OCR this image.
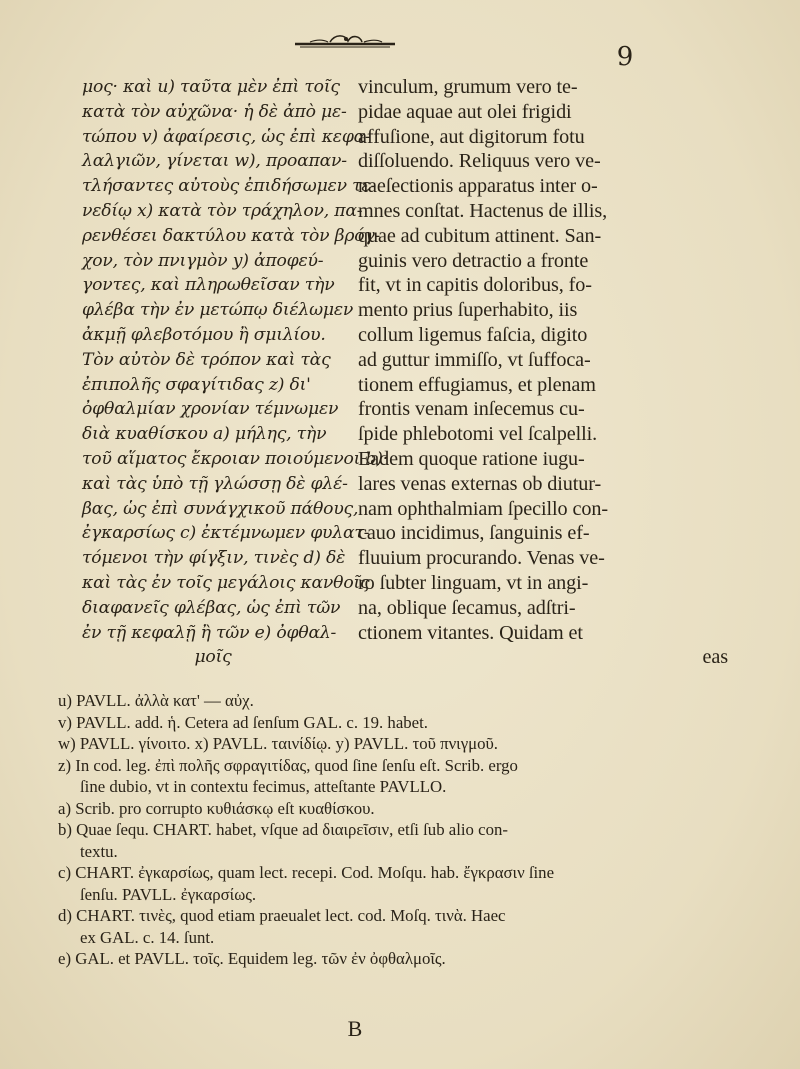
9
μος· καὶ u) ταῦτα μὲν ἐπὶ τοῖς
κατὰ τὸν αὐχῶνα· ἡ δὲ ἀπὸ με-
τώπου v) ἀφαίρεσις, ὡς ἐπὶ κεφα-
λαλγιῶν, γίνεται w), προαπαν-
τλήσαντες αὐτοὺς ἐπιδήσωμεν τε-
νεδίῳ x) κατὰ τὸν τράχηλον, πα-
ρενθέσει δακτύλου κατὰ τὸν βρόγ-
χον, τὸν πνιγμὸν y) ἀποφεύ-
γοντες, καὶ πληρωθεῖσαν τὴν
φλέβα τὴν ἐν μετώπῳ διέλωμεν
ἀκμῇ φλεβοτόμου ἢ σμιλίου.
Τὸν αὐτὸν δὲ τρόπον καὶ τὰς
ἐπιπολῆς σφαγίτιδας z) δι'
ὀφθαλμίαν χρονίαν τέμνωμεν
διὰ κυαθίσκου a) μήλης, τὴν
τοῦ αἵματος ἔκροιαν ποιούμενοι b)·
καὶ τὰς ὑπὸ τῇ γλώσσῃ δὲ φλέ-
βας, ὡς ἐπὶ συνάγχικοῦ πάθους,
ἐγκαρσίως c) ἐκτέμνωμεν φυλατ-
τόμενοι τὴν φίγξιν, τινὲς d) δὲ
καὶ τὰς ἐν τοῖς μεγάλοις κανθοῖς
διαφανεῖς φλέβας, ὡς ἐπὶ τῶν
ἐν τῇ κεφαλῇ ἢ τῶν e) ὀφθαλ-
μοῖς
vinculum, grumum vero te-
pidae aquae aut olei frigidi
affuſione, aut digitorum fotu
diſſoluendo. Reliquus vero ve-
naeſectionis apparatus inter o-
mnes conſtat. Hactenus de illis,
quae ad cubitum attinent. San-
guinis vero detractio a fronte
fit, vt in capitis doloribus, fo-
mento prius ſuperhabito, iis
collum ligemus faſcia, digito
ad guttur immiſſo, vt ſuffoca-
tionem effugiamus, et plenam
frontis venam inſecemus cu-
ſpide phlebotomi vel ſcalpelli.
Eadem quoque ratione iugu-
lares venas externas ob diutur-
nam ophthalmiam ſpecillo con-
cauo incidimus, ſanguinis ef-
fluuium procurando. Venas ve-
ro ſubter linguam, vt in angi-
na, oblique ſecamus, adſtri-
ctionem vitantes. Quidam et
eas
u) PAVLL. ἀλλὰ κατ' — αὐχ.
v) PAVLL. add. ἡ. Cetera ad ſenſum GAL. c. 19. habet.
w) PAVLL. γίνοιτο. x) PAVLL. ταινίδίῳ. y) PAVLL. τοῦ πνιγμοῦ.
z) In cod. leg. ἐπὶ πολῆς σφραγιτίδας, quod ſine ſenſu eſt. Scrib. ergo
ſine dubio, vt in contextu fecimus, atteſtante PAVLLO.
a) Scrib. pro corrupto κυθιάσκῳ eſt κυαθίσκου.
b) Quae ſequ. CHART. habet, vſque ad διαιρεῖσιν, etſi ſub alio con-
textu.
c) CHART. ἐγκαρσίως, quam lect. recepi. Cod. Moſqu. hab. ἔγκρασιν ſine
ſenſu. PAVLL. ἐγκαρσίως.
d) CHART. τινὲς, quod etiam praeualet lect. cod. Moſq. τινὰ. Haec
ex GAL. c. 14. ſunt.
e) GAL. et PAVLL. τοῖς. Equidem leg. τῶν ἐν ὀφθαλμοῖς.
B
